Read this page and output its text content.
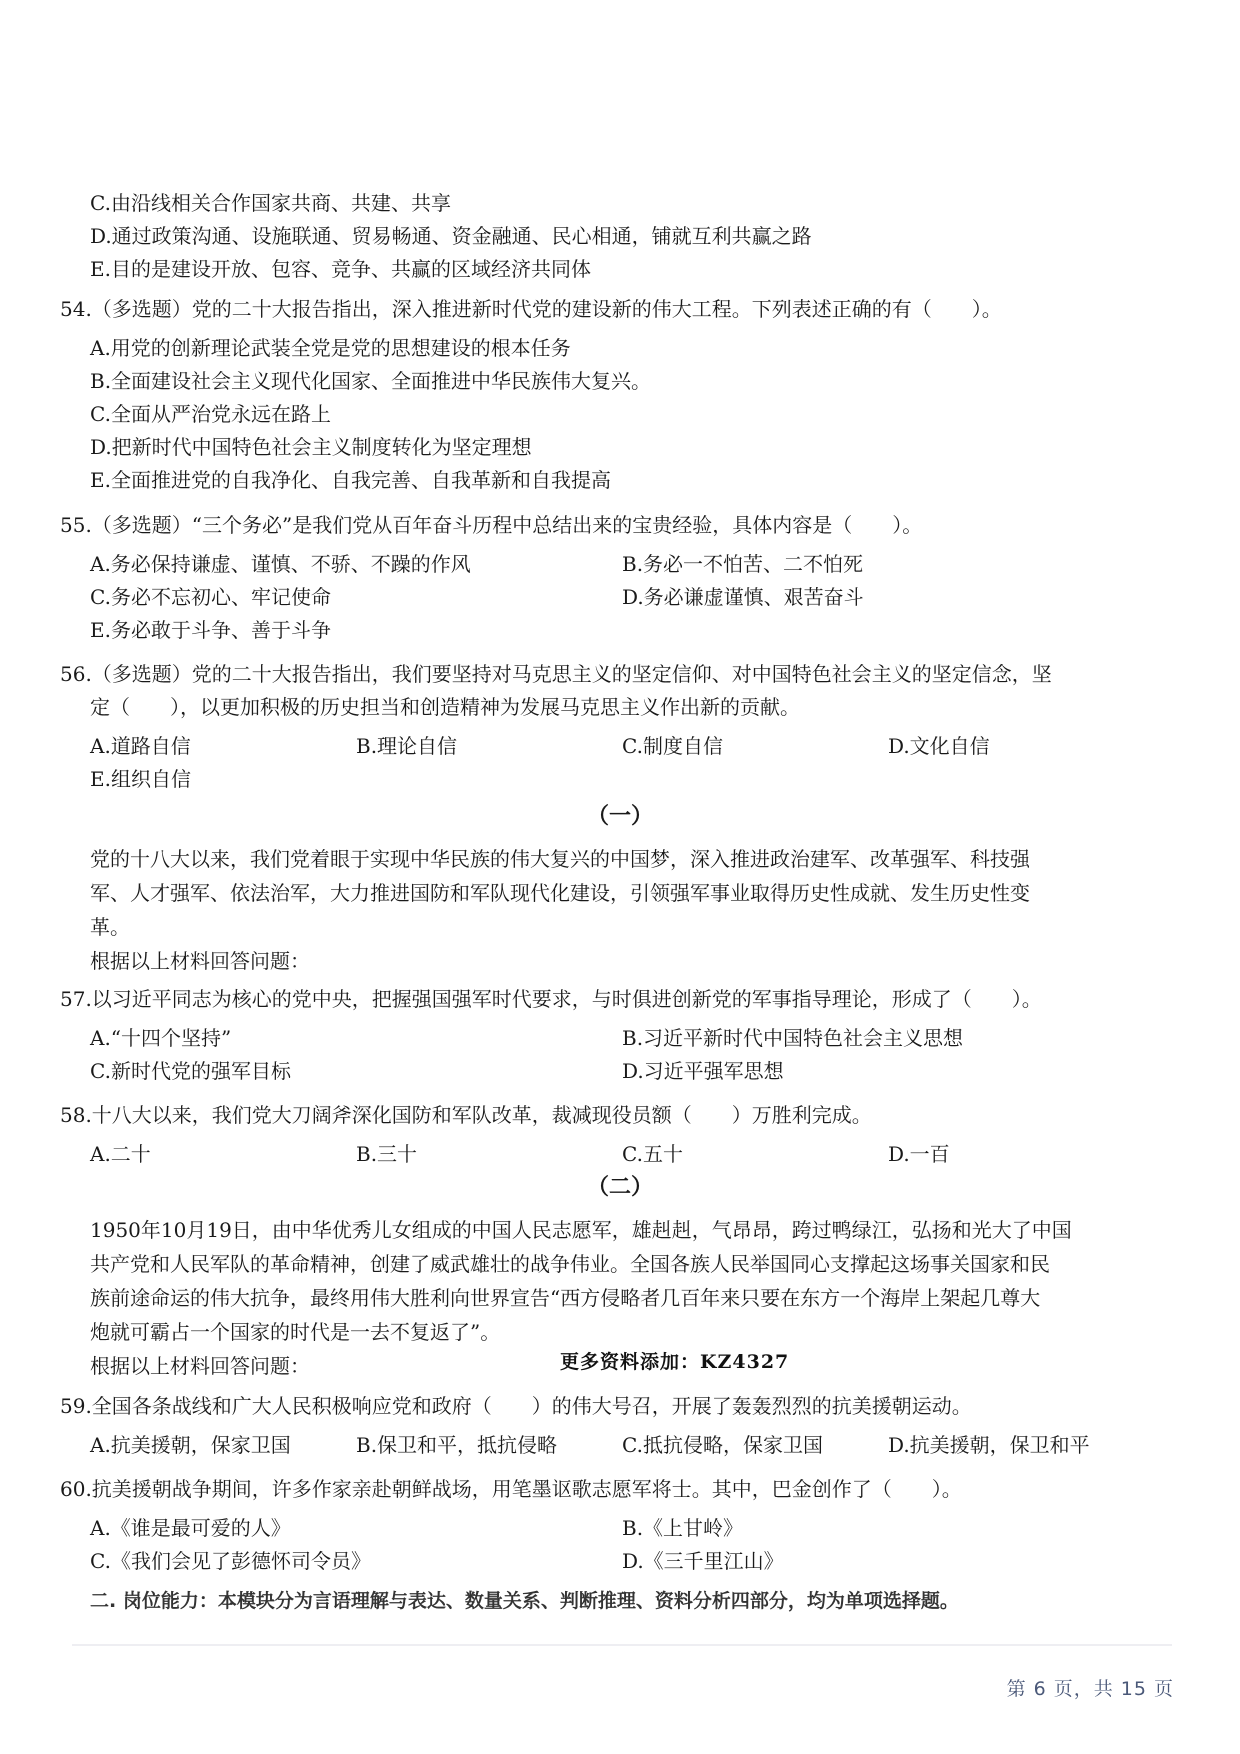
C.由沿线相关合作国家共商、共建、共享
D.通过政策沟通、设施联通、贸易畅通、资金融通、民心相通，铺就互利共赢之路
E.目的是建设开放、包容、竞争、共赢的区域经济共同体
54.（多选题）党的二十大报告指出，深入推进新时代党的建设新的伟大工程。下列表述正确的有（　　）。
A.用党的创新理论武装全党是党的思想建设的根本任务
B.全面建设社会主义现代化国家、全面推进中华民族伟大复兴。
C.全面从严治党永远在路上
D.把新时代中国特色社会主义制度转化为坚定理想
E.全面推进党的自我净化、自我完善、自我革新和自我提高
55.（多选题）“三个务必”是我们党从百年奋斗历程中总结出来的宝贵经验，具体内容是（　　）。
A.务必保持谦虚、谨慎、不骄、不躁的作风	B.务必一不怕苦、二不怕死
C.务必不忘初心、牢记使命	D.务必谦虚谨慎、艰苦奋斗
E.务必敢于斗争、善于斗争
56.（多选题）党的二十大报告指出，我们要坚持对马克思主义的坚定信仰、对中国特色社会主义的坚定信念，坚
定（　　），以更加积极的历史担当和创造精神为发展马克思主义作出新的贡献。
A.道路自信	B.理论自信	C.制度自信	D.文化自信
E.组织自信
（一）
党的十八大以来，我们党着眼于实现中华民族的伟大复兴的中国梦，深入推进政治建军、改革强军、科技强
军、人才强军、依法治军，大力推进国防和军队现代化建设，引领强军事业取得历史性成就、发生历史性变
革。
根据以上材料回答问题：
57.以习近平同志为核心的党中央，把握强国强军时代要求，与时俱进创新党的军事指导理论，形成了（　　）。
A.“十四个坚持”	B.习近平新时代中国特色社会主义思想
C.新时代党的强军目标	D.习近平强军思想
58.十八大以来，我们党大刀阔斧深化国防和军队改革，裁减现役员额（　　）万胜利完成。
A.二十	B.三十	C.五十	D.一百
（二）
1950年10月19日，由中华优秀儿女组成的中国人民志愿军，雄赳赳，气昂昂，跨过鸭绿江，弘扬和光大了中国
共产党和人民军队的革命精神，创建了威武雄壮的战争伟业。全国各族人民举国同心支撑起这场事关国家和民
族前途命运的伟大抗争，最终用伟大胜利向世界宣告“西方侵略者几百年来只要在东方一个海岸上架起几尊大
炮就可霸占一个国家的时代是一去不复返了”。
根据以上材料回答问题：	更多资料添加：KZ4327
59.全国各条战线和广大人民积极响应党和政府（　　）的伟大号召，开展了轰轰烈烈的抗美援朝运动。
A.抗美援朝，保家卫国	B.保卫和平，抵抗侵略	C.抵抗侵略，保家卫国	D.抗美援朝，保卫和平
60.抗美援朝战争期间，许多作家亲赴朝鲜战场，用笔墨讴歌志愿军将士。其中，巴金创作了（　　）。
A.《谁是最可爱的人》	B.《上甘岭》
C.《我们会见了彭德怀司令员》	D.《三千里江山》
二. 岗位能力：本模块分为言语理解与表达、数量关系、判断推理、资料分析四部分，均为单项选择题。
第 6 页，共 15 页
